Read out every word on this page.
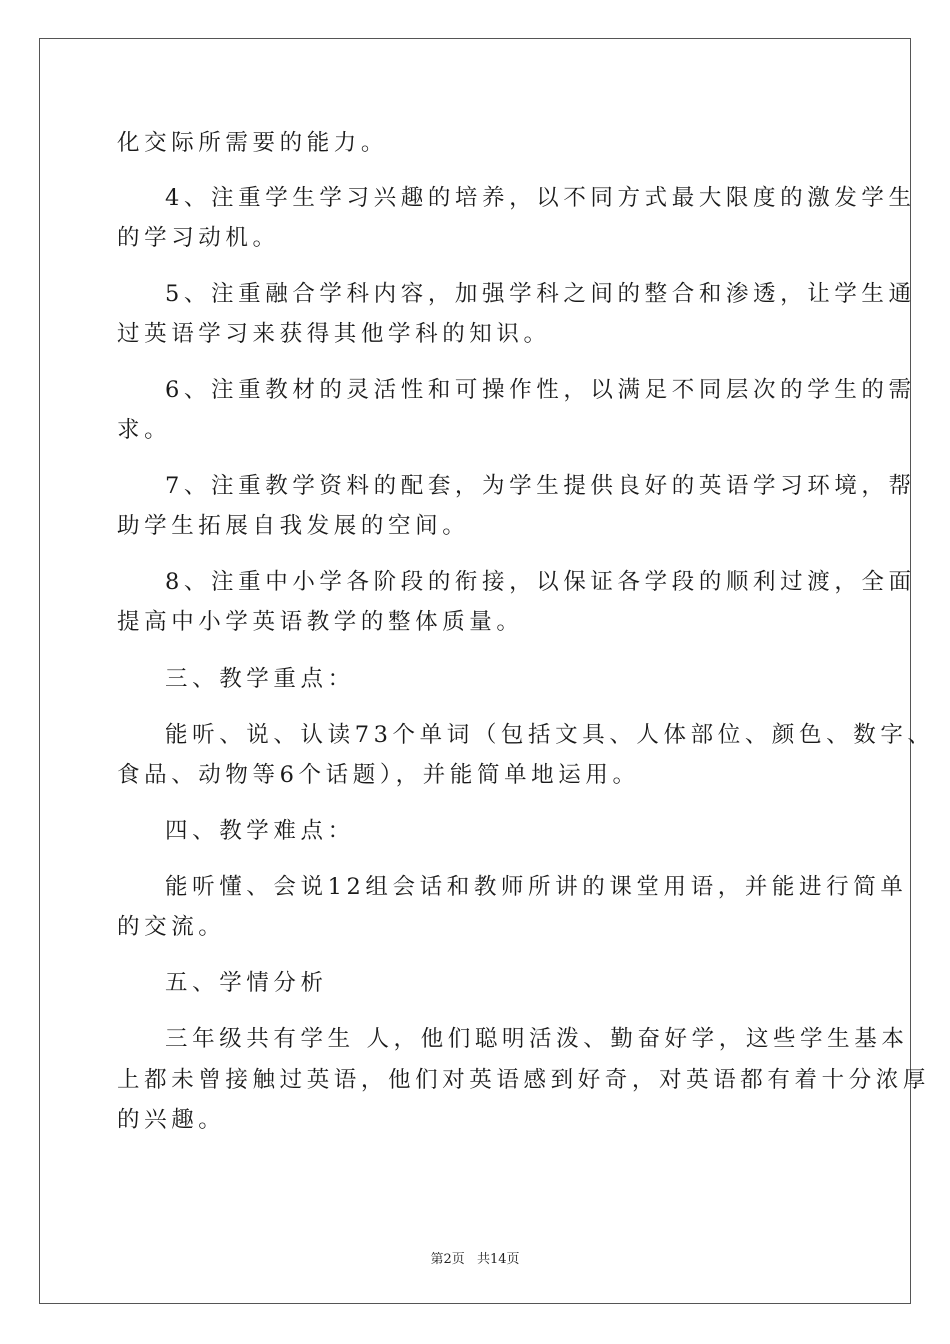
化交际所需要的能力。
4、注重学生学习兴趣的培养，以不同方式最大限度的激发学生
的学习动机。
5、注重融合学科内容，加强学科之间的整合和渗透，让学生通
过英语学习来获得其他学科的知识。
6、注重教材的灵活性和可操作性，以满足不同层次的学生的需
求。
7、注重教学资料的配套，为学生提供良好的英语学习环境，帮
助学生拓展自我发展的空间。
8、注重中小学各阶段的衔接，以保证各学段的顺利过渡，全面
提高中小学英语教学的整体质量。
三、教学重点：
能听、说、认读73个单词（包括文具、人体部位、颜色、数字、
食品、动物等6个话题），并能简单地运用。
四、教学难点：
能听懂、会说12组会话和教师所讲的课堂用语，并能进行简单
的交流。
五、学情分析
三年级共有学生 人，他们聪明活泼、勤奋好学，这些学生基本
上都未曾接触过英语，他们对英语感到好奇，对英语都有着十分浓厚
的兴趣。
第2页 共14页
